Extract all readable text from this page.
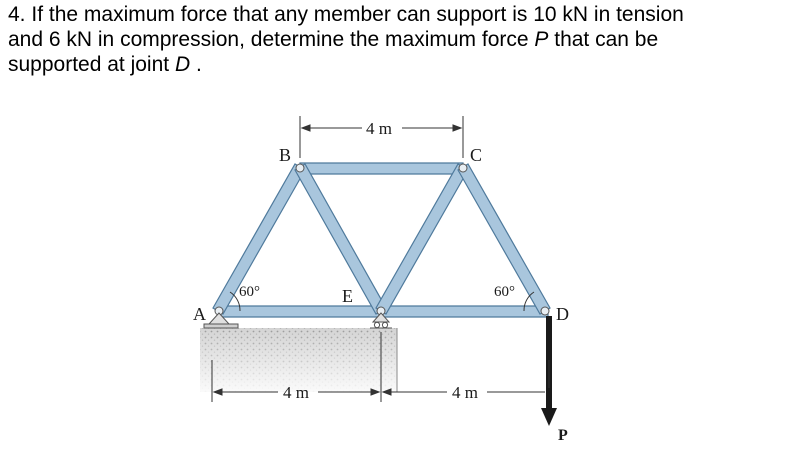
4. If the maximum force that any member can support is 10 kN in tension
and 6 kN in compression, determine the maximum force P that can be
supported at joint D .
A
B	C
D
E
4 m
4 m	4 m
60°	60°
P
